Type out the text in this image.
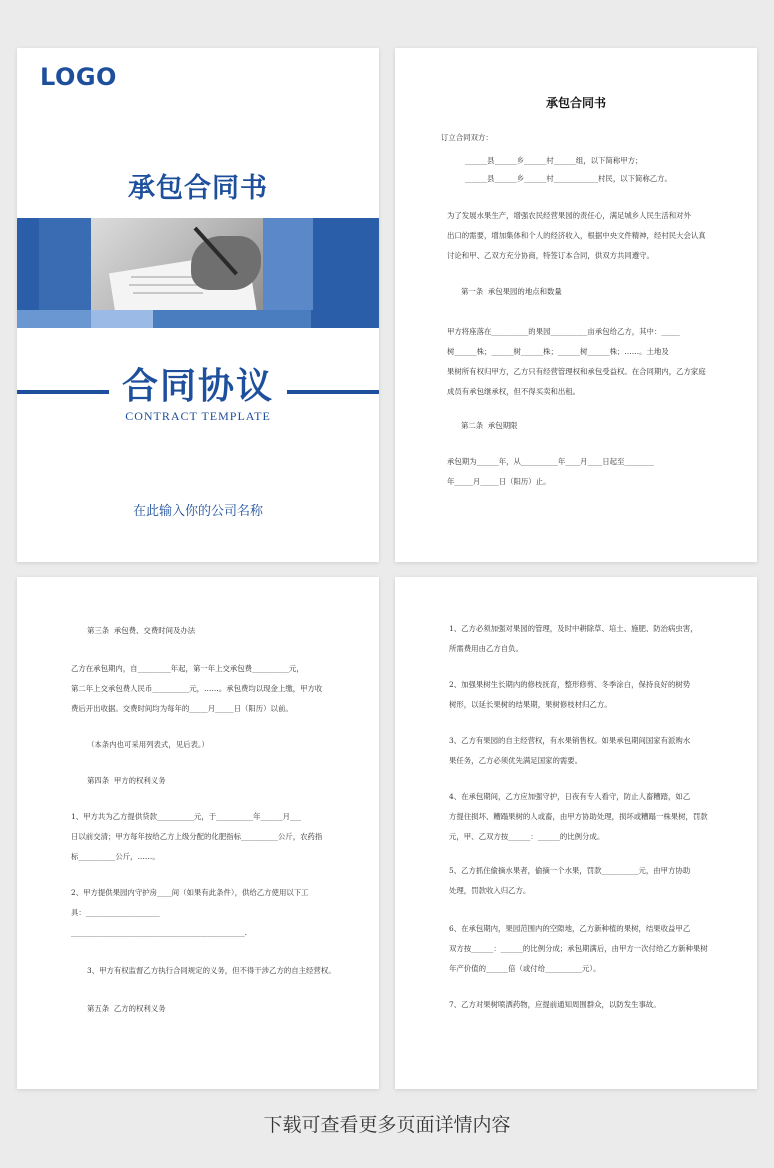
LOGO
承包合同书
合同协议
CONTRACT TEMPLATE
在此输入你的公司名称
承包合同书
订立合同双方：
______县______乡______村______组，以下简称甲方；
______县______乡______村____________村民，以下简称乙方。
为了发展水果生产，增强农民经营果园的责任心，满足城乡人民生活和对外
出口的需要，增加集体和个人的经济收入，根据中央文件精神，经村民大会认真
讨论和甲、乙双方充分协商，特签订本合同，供双方共同遵守。
第一条  承包果园的地点和数量
甲方将座落在__________的果园__________亩承包给乙方，其中：_____
树______株；______树______株；______树______株；……。土地及
果树所有权归甲方，乙方只有经营管理权和承包受益权。在合同期内，乙方家庭
成员有承包继承权，但不得买卖和出租。
第二条  承包期限
承包期为______年，从__________年____月____日起至________
年_____月_____日（阳历）止。
第三条  承包费、交费时间及办法
乙方在承包期内，自_________年起，第一年上交承包费__________元，
第二年上交承包费人民币__________元，……。承包费均以现金上缴，甲方收
费后开出收据。交费时间均为每年的_____月_____日（阳历）以前。
（本条内也可采用列表式，见后表。）
第四条  甲方的权利义务
1、甲方共为乙方提供贷款__________元，于__________年______月___
日以前交清；甲方每年按给乙方上级分配的化肥指标__________公斤，农药指
标__________公斤，……。
2、甲方提供果园内守护房____间（如果有此条件），供给乙方使用以下工
具：____________________
_______________________________________________.
3、甲方有权监督乙方执行合同规定的义务，但不得干涉乙方的自主经营权。
第五条  乙方的权利义务
1、乙方必须加强对果园的管理，及时中耕除草、培土、施肥、防治病虫害，
所需费用由乙方自负。
2、加强果树生长期内的修枝抚育，整形修剪、冬季涂白，保持良好的树势
树形，以延长果树的结果期，果树修枝材归乙方。
3、乙方有果园的自主经营权，有水果销售权。如果承包期间国家有派购水
果任务，乙方必须优先满足国家的需要。
4、在承包期间，乙方应加强守护，日夜有专人看守，防止人畜糟踏，如乙
方提住损坏、糟蹋果树的人或畜，由甲方协助处理，损坏或糟蹋一株果树，罚款
元，甲、乙双方按______：______的比例分成。
5、乙方抓住偷摘水果者，偷摘一个水果，罚款__________元，由甲方协助
处理，罚款收入归乙方。
6、在承包期内，果园范围内的空隙地，乙方新种植的果树，结果收益甲乙
双方按______：______的比例分成；承包期满后，由甲方一次付给乙方新种果树
年产价值的______倍（或付给__________元）。
7、乙方对果树喷洒药物，应提前通知周围群众，以防发生事故。
下载可查看更多页面详情内容
